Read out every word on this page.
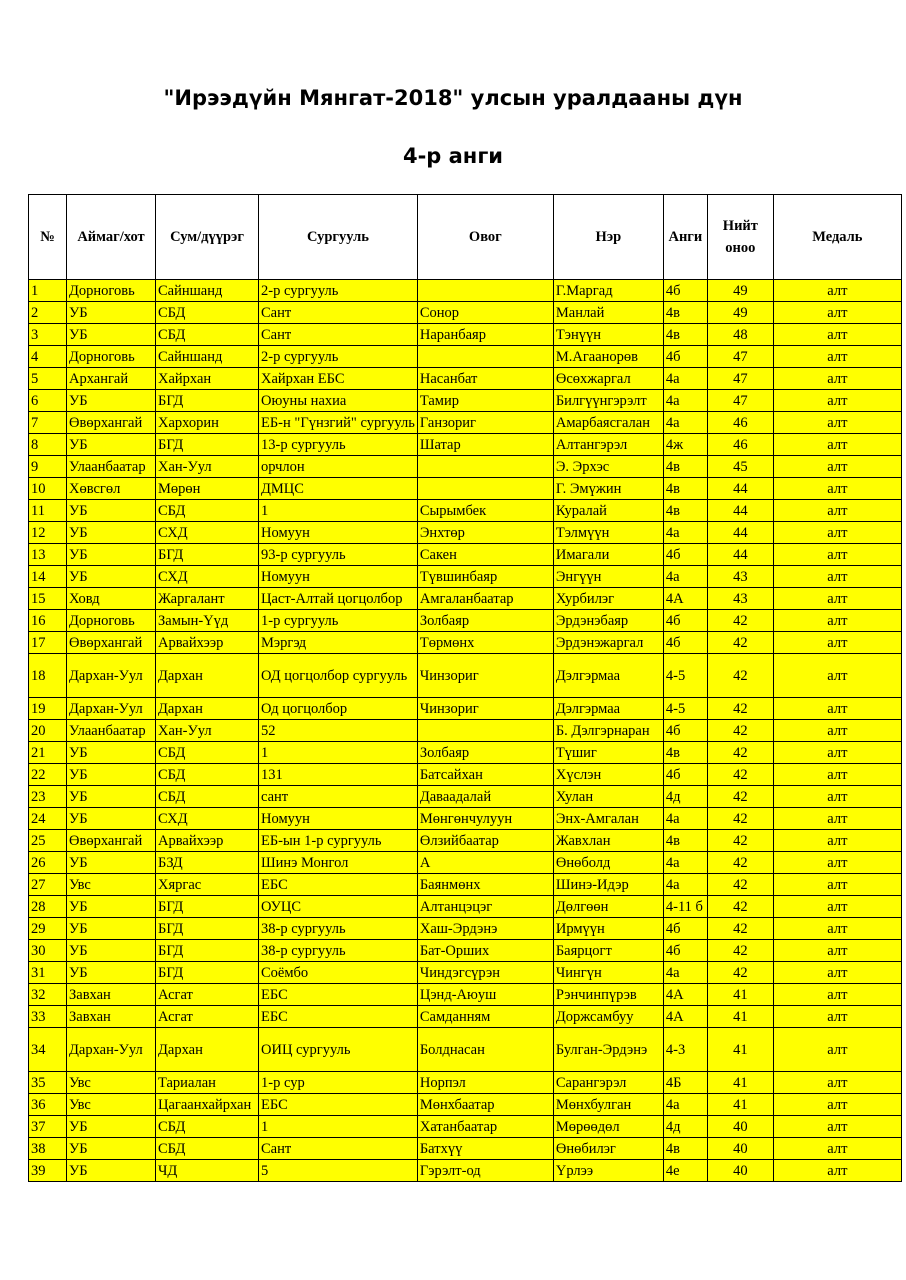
"Ирээдүйн Мянгат-2018" улсын уралдааны дүн
4-р анги
№	Аймаг/хот	Сум/дүүрэг	Сургууль	Овог	Нэр	Анги	Нийт оноо	Медаль
1	Дорноговь	Сайншанд	2-р сургууль		Г.Маргад	4б	49	алт
2	УБ	СБД	Сант	Сонор	Манлай	4в	49	алт
3	УБ	СБД	Сант	Наранбаяр	Тэнүүн	4в	48	алт
4	Дорноговь	Сайншанд	2-р сургууль		М.Агаанорөв	4б	47	алт
5	Архангай	Хайрхан	Хайрхан ЕБС	Насанбат	Өсөхжаргал	4а	47	алт
6	УБ	БГД	Оюуны нахиа	Тамир	Билгүүнгэрэлт	4а	47	алт
7	Өвөрхангай	Хархорин	ЕБ-н "Гүнзгий" сургууль	Ганзориг	Амарбаясгалан	4а	46	алт
8	УБ	БГД	13-р сургууль	Шатар	Алтангэрэл	4ж	46	алт
9	Улаанбаатар	Хан-Уул	орчлон		Э. Эрхэс	4в	45	алт
10	Хөвсгөл	Мөрөн	ДМЦС		Г. Эмүжин	4в	44	алт
11	УБ	СБД	1	Сырымбек	Куралай	4в	44	алт
12	УБ	СХД	Номуун	Энхтөр	Тэлмүүн	4а	44	алт
13	УБ	БГД	93-р сургууль	Сакен	Имагали	4б	44	алт
14	УБ	СХД	Номуун	Түвшинбаяр	Энгүүн	4а	43	алт
15	Ховд	Жаргалант	Цаст-Алтай цогцолбор	Амгаланбаатар	Хурбилэг	4А	43	алт
16	Дорноговь	Замын-Үүд	1-р сургууль	Золбаяр	Эрдэнэбаяр	4б	42	алт
17	Өвөрхангай	Арвайхээр	Мэргэд	Төрмөнх	Эрдэнэжаргал	4б	42	алт
18	Дархан-Уул	Дархан	ОД цогцолбор сургууль	Чинзориг	Дэлгэрмаа	4-5	42	алт
19	Дархан-Уул	Дархан	Од цогцолбор	Чинзориг	Дэлгэрмаа	4-5	42	алт
20	Улаанбаатар	Хан-Уул	52		Б. Дэлгэрнаран	4б	42	алт
21	УБ	СБД	1	Золбаяр	Түшиг	4в	42	алт
22	УБ	СБД	131	Батсайхан	Хүслэн	4б	42	алт
23	УБ	СБД	сант	Даваадалай	Хулан	4д	42	алт
24	УБ	СХД	Номуун	Мөнгөнчулуун	Энх-Амгалан	4а	42	алт
25	Өвөрхангай	Арвайхээр	ЕБ-ын 1-р сургууль	Өлзийбаатар	Жавхлан	4в	42	алт
26	УБ	БЗД	Шинэ Монгол	А	Өнөболд	4а	42	алт
27	Увс	Хяргас	ЕБС	Баянмөнх	Шинэ-Идэр	4а	42	алт
28	УБ	БГД	ОУЦС	Алтанцэцэг	Дөлгөөн	4-11 б	42	алт
29	УБ	БГД	38-р сургууль	Хаш-Эрдэнэ	Ирмүүн	4б	42	алт
30	УБ	БГД	38-р сургууль	Бат-Орших	Баярцогт	4б	42	алт
31	УБ	БГД	Соёмбо	Чиндэгсүрэн	Чингүн	4а	42	алт
32	Завхан	Асгат	ЕБС	Цэнд-Аюуш	Рэнчинпүрэв	4А	41	алт
33	Завхан	Асгат	ЕБС	Самданням	Доржсамбуу	4А	41	алт
34	Дархан-Уул	Дархан	ОИЦ сургууль	Болднасан	Булган-Эрдэнэ	4-3	41	алт
35	Увс	Тариалан	1-р сур	Норпэл	Сарангэрэл	4Б	41	алт
36	Увс	Цагаанхайрхан	ЕБС	Мөнхбаатар	Мөнхбулган	4а	41	алт
37	УБ	СБД	1	Хатанбаатар	Мөрөөдөл	4д	40	алт
38	УБ	СБД	Сант	Батхүү	Өнөбилэг	4в	40	алт
39	УБ	ЧД	5	Гэрэлт-од	Үрлээ	4е	40	алт
